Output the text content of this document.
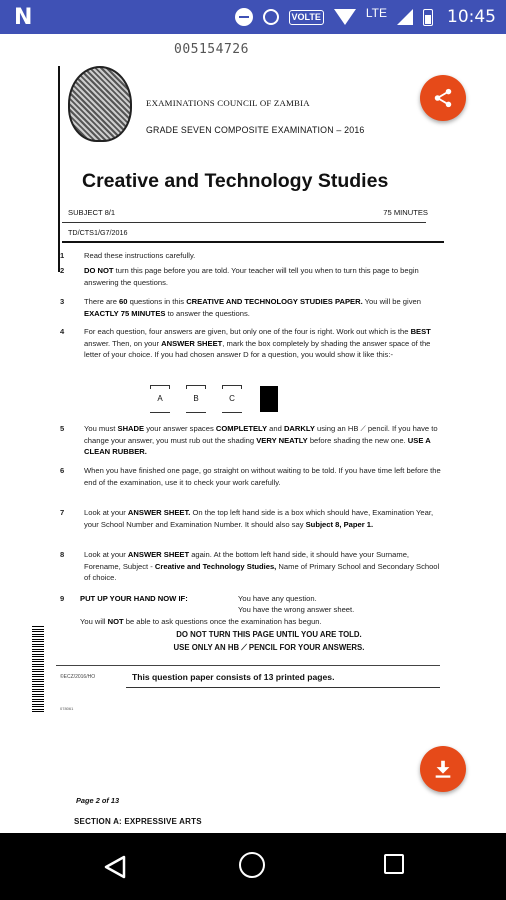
N	VOLTE	LTE	10:45
005154726
EXAMINATIONS COUNCIL OF ZAMBIA
GRADE SEVEN COMPOSITE EXAMINATION – 2016
Creative and Technology Studies
SUBJECT 8/1	75 MINUTES
TD/CTS1/G7/2016
1	Read these instructions carefully.
2	DO NOT turn this page before you are told. Your teacher will tell you when to turn this page to begin answering the questions.
3	There are 60 questions in this CREATIVE AND TECHNOLOGY STUDIES PAPER. You will be given EXACTLY 75 MINUTES to answer the questions.
4	For each question, four answers are given, but only one of the four is right. Work out which is the BEST answer. Then, on your ANSWER SHEET, mark the box completely by shading the answer space of the letter of your choice. If you had chosen answer D for a question, you would show it like this:-
A	B	C
5	You must SHADE your answer spaces COMPLETELY and DARKLY using an HB ⟋ pencil. If you have to change your answer, you must rub out the shading VERY NEATLY before shading the new one. USE A CLEAN RUBBER.
6	When you have finished one page, go straight on without waiting to be told. If you have time left before the end of the examination, use it to check your work carefully.
7	Look at your ANSWER SHEET. On the top left hand side is a box which should have, Examination Year, your School Number and Examination Number. It should also say Subject 8, Paper 1.
8	Look at your ANSWER SHEET again. At the bottom left hand side, it should have your Surname, Forename, Subject - Creative and Technology Studies, Name of Primary School and Secondary School of choice.
9 PUT UP YOUR HAND NOW IF:	You have any question.
You have the wrong answer sheet.
You will NOT be able to ask questions once the examination has begun.
DO NOT TURN THIS PAGE UNTIL YOU ARE TOLD.
USE ONLY AN HB ⟋ PENCIL FOR YOUR ANSWERS.
©ECZ/2016/HO	This question paper consists of 13 printed pages.
078061
Page 2 of 13
SECTION A: EXPRESSIVE ARTS
